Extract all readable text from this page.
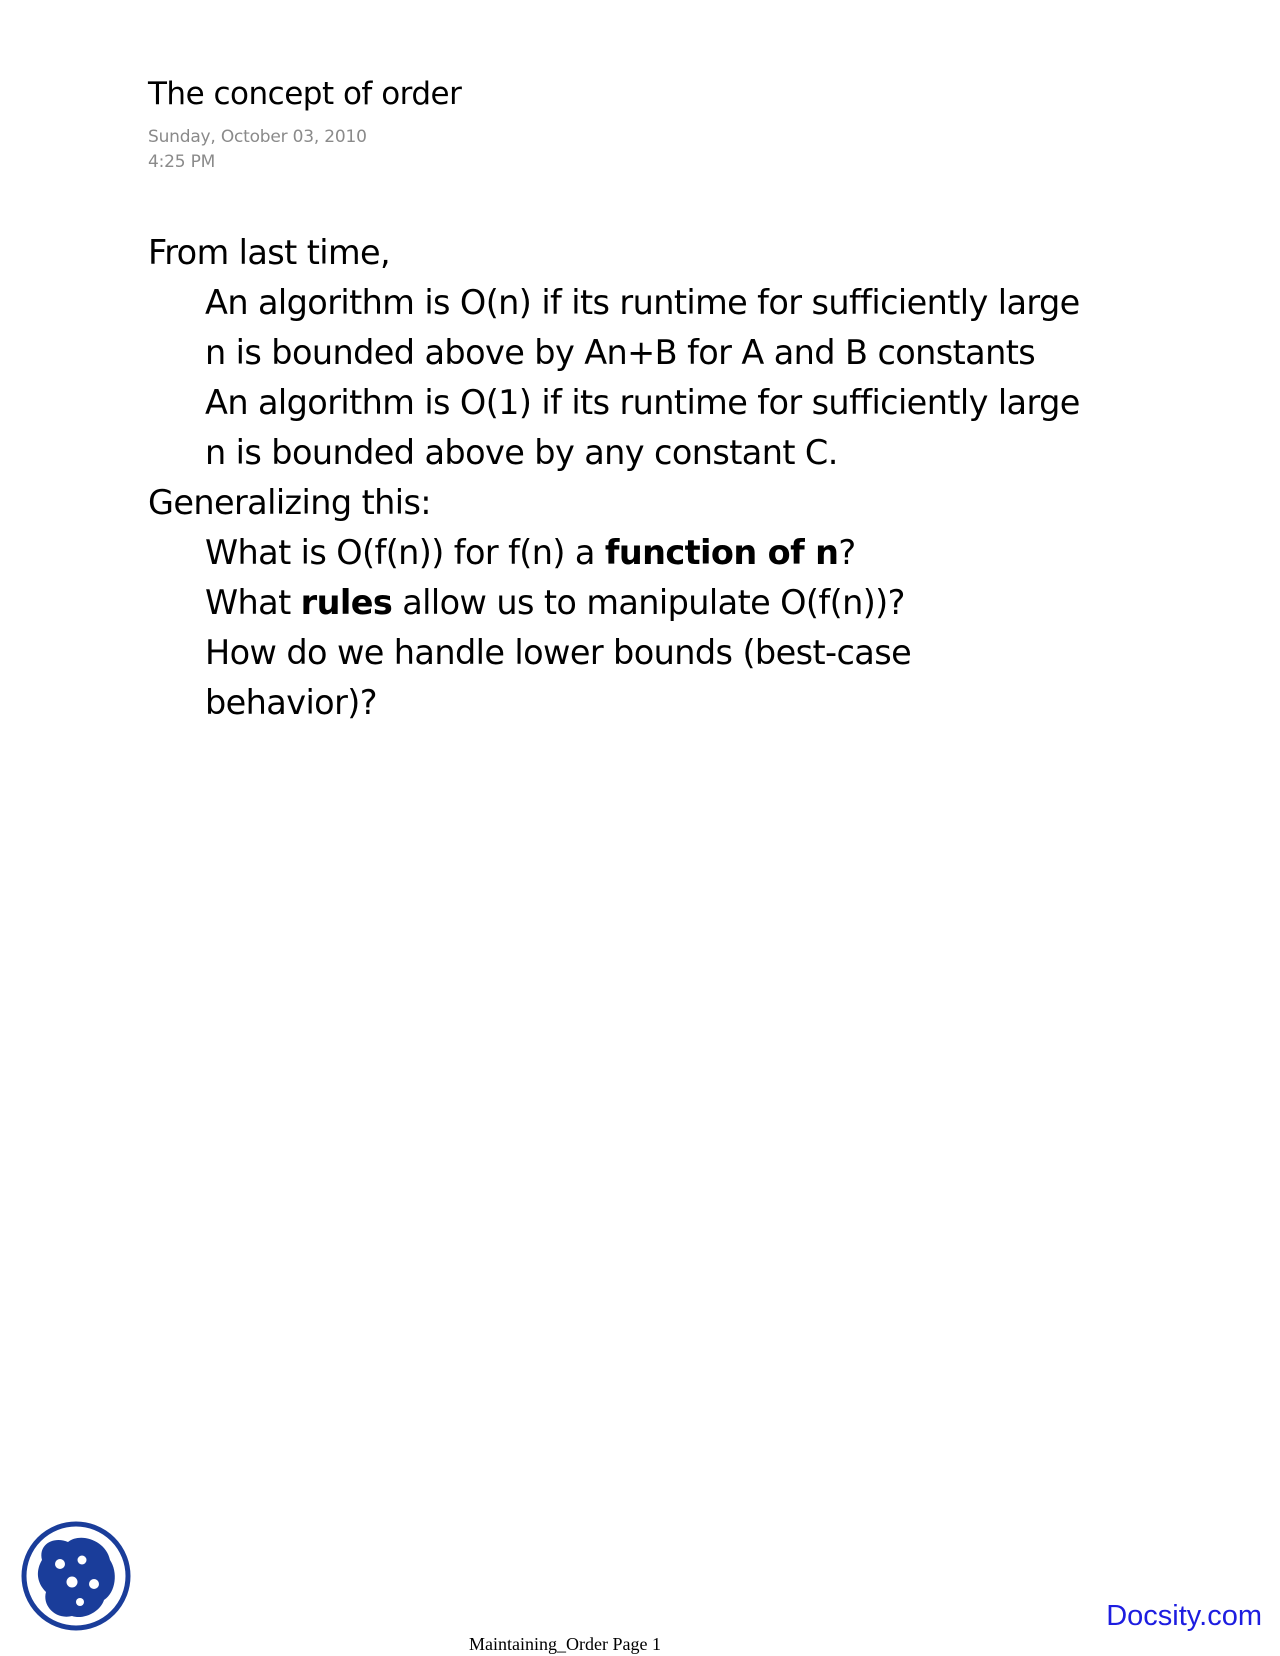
The concept of order
Sunday, October 03, 2010
4:25 PM
From last time,
An algorithm is O(n) if its runtime for sufficiently large
n is bounded above by An+B for A and B constants
An algorithm is O(1) if its runtime for sufficiently large
n is bounded above by any constant C.
Generalizing this:
What is O(f(n)) for f(n) a function of n?
What rules allow us to manipulate O(f(n))?
How do we handle lower bounds (best-case
behavior)?
Maintaining_Order Page 1
Docsity.com
